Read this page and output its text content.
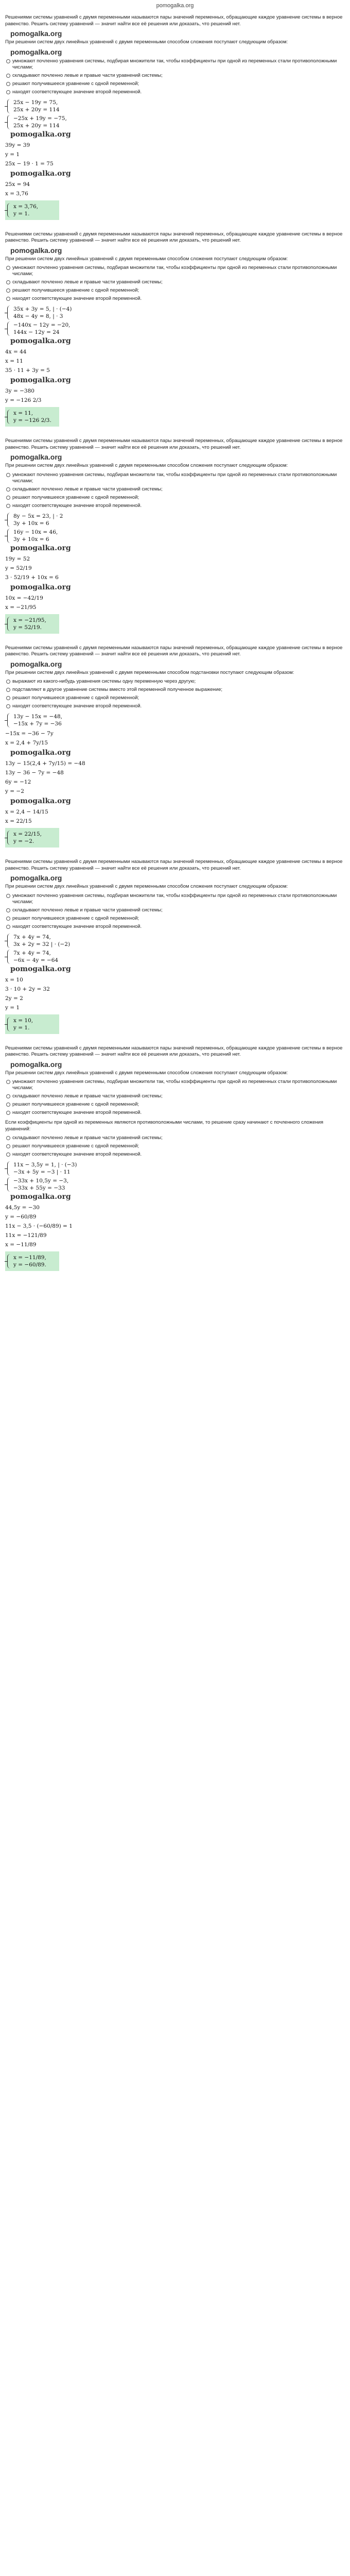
pomogalka.org
Решениями системы уравнений с двумя переменными называются пары значений переменных, обращающие каждое уравнение системы в верное равенство. Решить систему уравнений — значит найти все её решения или доказать, что решений нет.
pomogalka.org
При решении систем двух линейных уравнений с двумя переменными способом сложения поступают следующим образом:
pomogalka.org
умножают почленно уравнения системы, подбирая множители так, чтобы коэффициенты при одной из переменных стали противоположными числами;
складывают почленно левые и правые части уравнений системы;
решают получившееся уравнение с одной переменной;
находят соответствующее значение второй переменной.
25x − 19y = 75,
25x + 20y = 114
−25x + 19y = −75,
25x + 20y = 114
pomogalka.org
39y = 39
y = 1
25x − 19 · 1 = 75
pomogalka.org
25x = 94
x = 3,76
x = 3,76,
y = 1.
Решениями системы уравнений с двумя переменными называются пары значений переменных, обращающие каждое уравнение системы в верное равенство. Решить систему уравнений — значит найти все её решения или доказать, что решений нет.
pomogalka.org
При решении систем двух линейных уравнений с двумя переменными способом сложения поступают следующим образом:
умножают почленно уравнения системы, подбирая множители так, чтобы коэффициенты при одной из переменных стали противоположными числами;
складывают почленно левые и правые части уравнений системы;
решают получившееся уравнение с одной переменной;
находят соответствующее значение второй переменной.
35x + 3y = 5, | · (−4)
48x − 4y = 8, | · 3
−140x − 12y = −20,
144x − 12y = 24
pomogalka.org
4x = 44
x = 11
35 · 11 + 3y = 5
pomogalka.org
3y = −380
y = −126 2/3
x = 11,
y = −126 2/3.
Решениями системы уравнений с двумя переменными называются пары значений переменных, обращающие каждое уравнение системы в верное равенство. Решить систему уравнений — значит найти все её решения или доказать, что решений нет.
pomogalka.org
При решении систем двух линейных уравнений с двумя переменными способом сложения поступают следующим образом:
умножают почленно уравнения системы, подбирая множители так, чтобы коэффициенты при одной из переменных стали противоположными числами;
складывают почленно левые и правые части уравнений системы;
решают получившееся уравнение с одной переменной;
находят соответствующее значение второй переменной.
8y − 5x = 23, | · 2
3y + 10x = 6
16y − 10x = 46,
3y + 10x = 6
pomogalka.org
19y = 52
y = 52/19
3 · 52/19 + 10x = 6
pomogalka.org
10x = −42/19
x = −21/95
x = −21/95,
y = 52/19.
Решениями системы уравнений с двумя переменными называются пары значений переменных, обращающие каждое уравнение системы в верное равенство. Решить систему уравнений — значит найти все её решения или доказать, что решений нет.
pomogalka.org
При решении систем двух линейных уравнений с двумя переменными способом подстановки поступают следующим образом:
выражают из какого-нибудь уравнения системы одну переменную через другую;
подставляют в другое уравнение системы вместо этой переменной полученное выражение;
решают получившееся уравнение с одной переменной;
находят соответствующее значение второй переменной.
13y − 15x = −48,
−15x + 7y = −36
−15x = −36 − 7y
x = 2,4 + 7y/15
pomogalka.org
13y − 15(2,4 + 7y/15) = −48
13y − 36 − 7y = −48
6y = −12
y = −2
pomogalka.org
x = 2,4 − 14/15
x = 22/15
x = 22/15,
y = −2.
Решениями системы уравнений с двумя переменными называются пары значений переменных, обращающие каждое уравнение системы в верное равенство. Решить систему уравнений — значит найти все её решения или доказать, что решений нет.
pomogalka.org
При решении систем двух линейных уравнений с двумя переменными способом сложения поступают следующим образом:
умножают почленно уравнения системы, подбирая множители так, чтобы коэффициенты при одной из переменных стали противоположными числами;
складывают почленно левые и правые части уравнений системы;
решают получившееся уравнение с одной переменной;
находят соответствующее значение второй переменной.
7x + 4y = 74,
3x + 2y = 32 | · (−2)
7x + 4y = 74,
−6x − 4y = −64
pomogalka.org
x = 10
3 · 10 + 2y = 32
2y = 2
y = 1
x = 10,
y = 1.
Решениями системы уравнений с двумя переменными называются пары значений переменных, обращающие каждое уравнение системы в верное равенство. Решить систему уравнений — значит найти все её решения или доказать, что решений нет.
pomogalka.org
При решении систем двух линейных уравнений с двумя переменными способом сложения поступают следующим образом:
умножают почленно уравнения системы, подбирая множители так, чтобы коэффициенты при одной из переменных стали противоположными числами;
складывают почленно левые и правые части уравнений системы;
решают получившееся уравнение с одной переменной;
находят соответствующее значение второй переменной.
Если коэффициенты при одной из переменных являются противоположными числами, то решение сразу начинают с почленного сложения уравнений:
складывают почленно левые и правые части уравнений системы;
решают получившееся уравнение с одной переменной;
находят соответствующее значение второй переменной.
11x − 3,5y = 1, | · (−3)
−3x + 5y = −3 | · 11
−33x + 10,5y = −3,
−33x + 55y = −33
pomogalka.org
44,5y = −30
y = −60/89
11x − 3,5 · (−60/89) = 1
11x = −121/89
x = −11/89
x = −11/89,
y = −60/89.
